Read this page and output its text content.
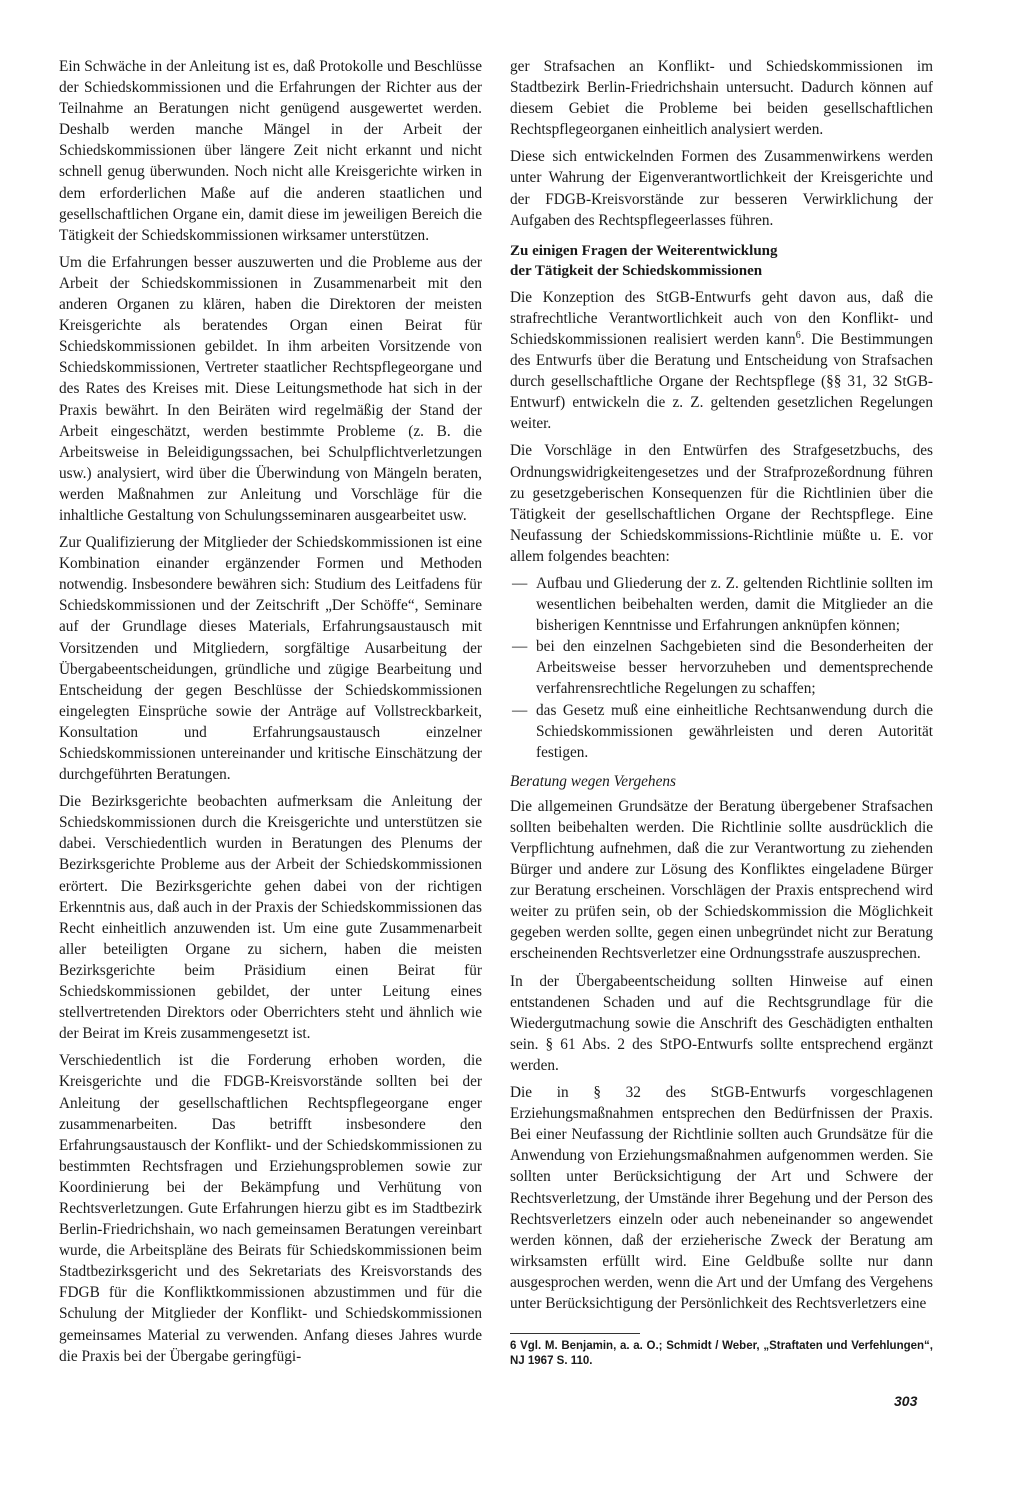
Ein Schwäche in der Anleitung ist es, daß Protokolle und Beschlüsse der Schiedskommissionen und die Erfahrungen der Richter aus der Teilnahme an Beratungen nicht genügend ausgewertet werden. Deshalb werden manche Mängel in der Arbeit der Schiedskommissionen über längere Zeit nicht erkannt und nicht schnell genug überwunden. Noch nicht alle Kreisgerichte wirken in dem erforderlichen Maße auf die anderen staatlichen und gesellschaftlichen Organe ein, damit diese im jeweiligen Bereich die Tätigkeit der Schiedskommissionen wirksamer unterstützen.

Um die Erfahrungen besser auszuwerten und die Probleme aus der Arbeit der Schiedskommissionen in Zusammenarbeit mit den anderen Organen zu klären, haben die Direktoren der meisten Kreisgerichte als beratendes Organ einen Beirat für Schiedskommissionen gebildet. In ihm arbeiten Vorsitzende von Schiedskommissionen, Vertreter staatlicher Rechtspflegeorgane und des Rates des Kreises mit. Diese Leitungsmethode hat sich in der Praxis bewährt. In den Beiräten wird regelmäßig der Stand der Arbeit eingeschätzt, werden bestimmte Probleme (z. B. die Arbeitsweise in Beleidigungssachen, bei Schulpflichtverletzungen usw.) analysiert, wird über die Überwindung von Mängeln beraten, werden Maßnahmen zur Anleitung und Vorschläge für die inhaltliche Gestaltung von Schulungsseminaren ausgearbeitet usw.

Zur Qualifizierung der Mitglieder der Schiedskommissionen ist eine Kombination einander ergänzender Formen und Methoden notwendig. Insbesondere bewähren sich: Studium des Leitfadens für Schiedskommissionen und der Zeitschrift „Der Schöffe“, Seminare auf der Grundlage dieses Materials, Erfahrungsaustausch mit Vorsitzenden und Mitgliedern, sorgfältige Ausarbeitung der Übergabeentscheidungen, gründliche und zügige Bearbeitung und Entscheidung der gegen Beschlüsse der Schiedskommissionen eingelegten Einsprüche sowie der Anträge auf Vollstreckbarkeit, Konsultation und Erfahrungsaustausch einzelner Schiedskommissionen untereinander und kritische Einschätzung der durchgeführten Beratungen.

Die Bezirksgerichte beobachten aufmerksam die Anleitung der Schiedskommissionen durch die Kreisgerichte und unterstützen sie dabei. Verschiedentlich wurden in Beratungen des Plenums der Bezirksgerichte Probleme aus der Arbeit der Schiedskommissionen erörtert. Die Bezirksgerichte gehen dabei von der richtigen Erkenntnis aus, daß auch in der Praxis der Schiedskommissionen das Recht einheitlich anzuwenden ist. Um eine gute Zusammenarbeit aller beteiligten Organe zu sichern, haben die meisten Bezirksgerichte beim Präsidium einen Beirat für Schiedskommissionen gebildet, der unter Leitung eines stellvertretenden Direktors oder Oberrichters steht und ähnlich wie der Beirat im Kreis zusammengesetzt ist.

Verschiedentlich ist die Forderung erhoben worden, die Kreisgerichte und die FDGB-Kreisvorstände sollten bei der Anleitung der gesellschaftlichen Rechtspflegeorgane enger zusammenarbeiten. Das betrifft insbesondere den Erfahrungsaustausch der Konflikt- und der Schiedskommissionen zu bestimmten Rechtsfragen und Erziehungsproblemen sowie zur Koordinierung bei der Bekämpfung und Verhütung von Rechtsverletzungen. Gute Erfahrungen hierzu gibt es im Stadtbezirk Berlin-Friedrichshain, wo nach gemeinsamen Beratungen vereinbart wurde, die Arbeitspläne des Beirats für Schiedskommissionen beim Stadtbezirksgericht und des Sekretariats des Kreisvorstands des FDGB für die Konfliktkommissionen abzustimmen und für die Schulung der Mitglieder der Konflikt- und Schiedskommissionen gemeinsames Material zu verwenden. Anfang dieses Jahres wurde die Praxis bei der Übergabe geringfügi-

ger Strafsachen an Konflikt- und Schiedskommissionen im Stadtbezirk Berlin-Friedrichshain untersucht. Dadurch können auf diesem Gebiet die Probleme bei beiden gesellschaftlichen Rechtspflegeorganen einheitlich analysiert werden.

Diese sich entwickelnden Formen des Zusammenwirkens werden unter Wahrung der Eigenverantwortlichkeit der Kreisgerichte und der FDGB-Kreisvorstände zur besseren Verwirklichung der Aufgaben des Rechtspflegeerlasses führen.

Zu einigen Fragen der Weiterentwicklung
der Tätigkeit der Schiedskommissionen

Die Konzeption des StGB-Entwurfs geht davon aus, daß die strafrechtliche Verantwortlichkeit auch von den Konflikt- und Schiedskommissionen realisiert werden kann$^6$. Die Bestimmungen des Entwurfs über die Beratung und Entscheidung von Strafsachen durch gesellschaftliche Organe der Rechtspflege (§§ 31, 32 StGB-Entwurf) entwickeln die z. Z. geltenden gesetzlichen Regelungen weiter.

Die Vorschläge in den Entwürfen des Strafgesetzbuchs, des Ordnungswidrigkeitengesetzes und der Strafprozeßordnung führen zu gesetzgeberischen Konsequenzen für die Richtlinien über die Tätigkeit der gesellschaftlichen Organe der Rechtspflege. Eine Neufassung der Schiedskommissions-Richtlinie müßte u. E. vor allem folgendes beachten:

— Aufbau und Gliederung der z. Z. geltenden Richtlinie sollten im wesentlichen beibehalten werden, damit die Mitglieder an die bisherigen Kenntnisse und Erfahrungen anknüpfen können;
— bei den einzelnen Sachgebieten sind die Besonderheiten der Arbeitsweise besser hervorzuheben und dementsprechende verfahrensrechtliche Regelungen zu schaffen;
— das Gesetz muß eine einheitliche Rechtsanwendung durch die Schiedskommissionen gewährleisten und deren Autorität festigen.
Beratung wegen Vergehens

Die allgemeinen Grundsätze der Beratung übergebener Strafsachen sollten beibehalten werden. Die Richtlinie sollte ausdrücklich die Verpflichtung aufnehmen, daß die zur Verantwortung zu ziehenden Bürger und andere zur Lösung des Konfliktes eingeladene Bürger zur Beratung erscheinen. Vorschlägen der Praxis entsprechend wird weiter zu prüfen sein, ob der Schiedskommission die Möglichkeit gegeben werden sollte, gegen einen unbegründet nicht zur Beratung erscheinenden Rechtsverletzer eine Ordnungsstrafe auszusprechen.

In der Übergabeentscheidung sollten Hinweise auf einen entstandenen Schaden und auf die Rechtsgrundlage für die Wiedergutmachung sowie die Anschrift des Geschädigten enthalten sein. § 61 Abs. 2 des StPO-Entwurfs sollte entsprechend ergänzt werden.

Die in § 32 des StGB-Entwurfs vorgeschlagenen Erziehungsmaßnahmen entsprechen den Bedürfnissen der Praxis. Bei einer Neufassung der Richtlinie sollten auch Grundsätze für die Anwendung von Erziehungsmaßnahmen aufgenommen werden. Sie sollten unter Berücksichtigung der Art und Schwere der Rechtsverletzung, der Umstände ihrer Begehung und der Person des Rechtsverletzers einzeln oder auch nebeneinander so angewendet werden können, daß der erzieherische Zweck der Beratung am wirksamsten erfüllt wird. Eine Geldbuße sollte nur dann ausgesprochen werden, wenn die Art und der Umfang des Vergehens unter Berücksichtigung der Persönlichkeit des Rechtsverletzers eine

6 Vgl. M. Benjamin, a. a. O.; Schmidt / Weber, „Straftaten und Verfehlungen“, NJ 1967 S. 110.
303
